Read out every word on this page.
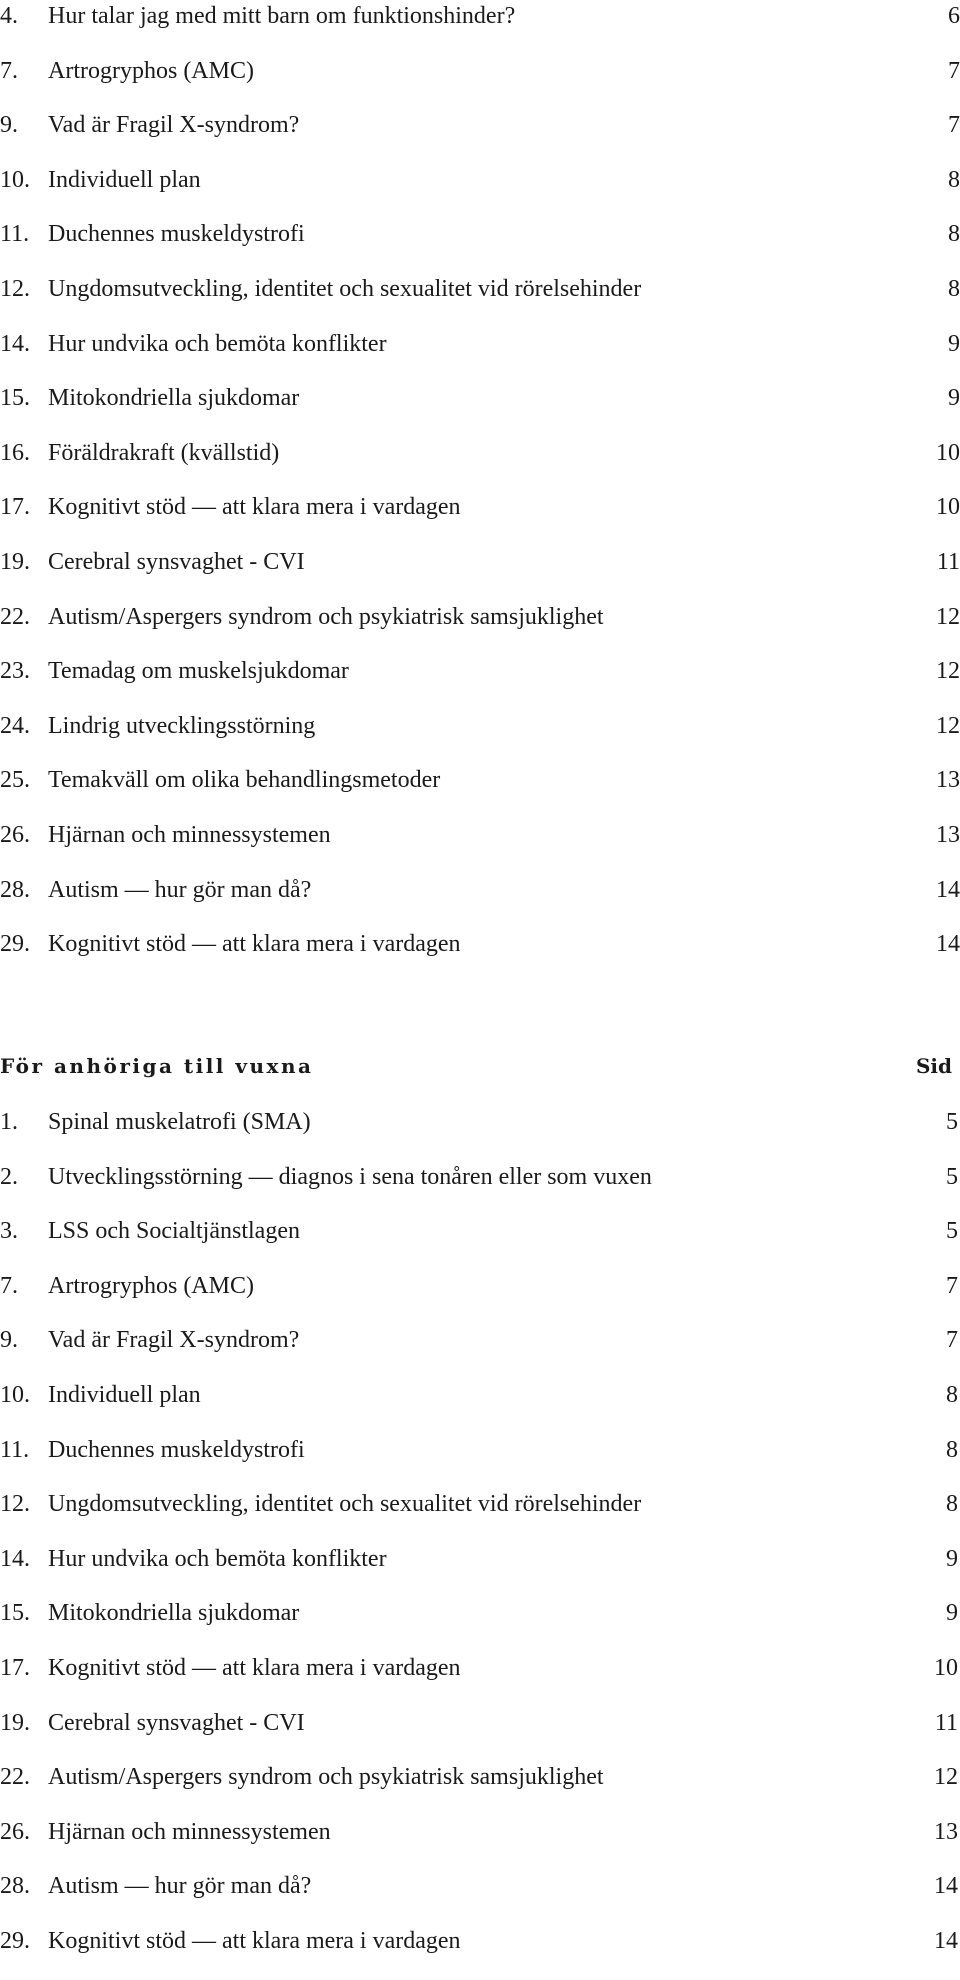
4. Hur talar jag med mitt barn om funktionshinder?	6
7. Artrogryphos (AMC)	7
9. Vad är Fragil X-syndrom?	7
10. Individuell plan	8
11. Duchennes muskeldystrofi	8
12. Ungdomsutveckling, identitet och sexualitet vid rörelsehinder	8
14. Hur undvika och bemöta konflikter	9
15. Mitokondriella sjukdomar	9
16. Föräldrakraft (kvällstid)	10
17. Kognitivt stöd — att klara mera i vardagen	10
19. Cerebral synsvaghet - CVI	11
22. Autism/Aspergers syndrom och psykiatrisk samsjuklighet	12
23. Temadag om muskelsjukdomar	12
24. Lindrig utvecklingsstörning	12
25. Temakväll om olika behandlingsmetoder	13
26. Hjärnan och minnessystemen	13
28. Autism — hur gör man då?	14
29. Kognitivt stöd — att klara mera i vardagen	14
För anhöriga till vuxna	Sid
1. Spinal muskelatrofi (SMA)	5
2. Utvecklingsstörning — diagnos i sena tonåren eller som vuxen	5
3. LSS och Socialtjänstlagen	5
7. Artrogryphos (AMC)	7
9. Vad är Fragil X-syndrom?	7
10. Individuell plan	8
11. Duchennes muskeldystrofi	8
12. Ungdomsutveckling, identitet och sexualitet vid rörelsehinder	8
14. Hur undvika och bemöta konflikter	9
15. Mitokondriella sjukdomar	9
17. Kognitivt stöd — att klara mera i vardagen	10
19. Cerebral synsvaghet - CVI	11
22. Autism/Aspergers syndrom och psykiatrisk samsjuklighet	12
26. Hjärnan och minnessystemen	13
28. Autism — hur gör man då?	14
29. Kognitivt stöd — att klara mera i vardagen	14
